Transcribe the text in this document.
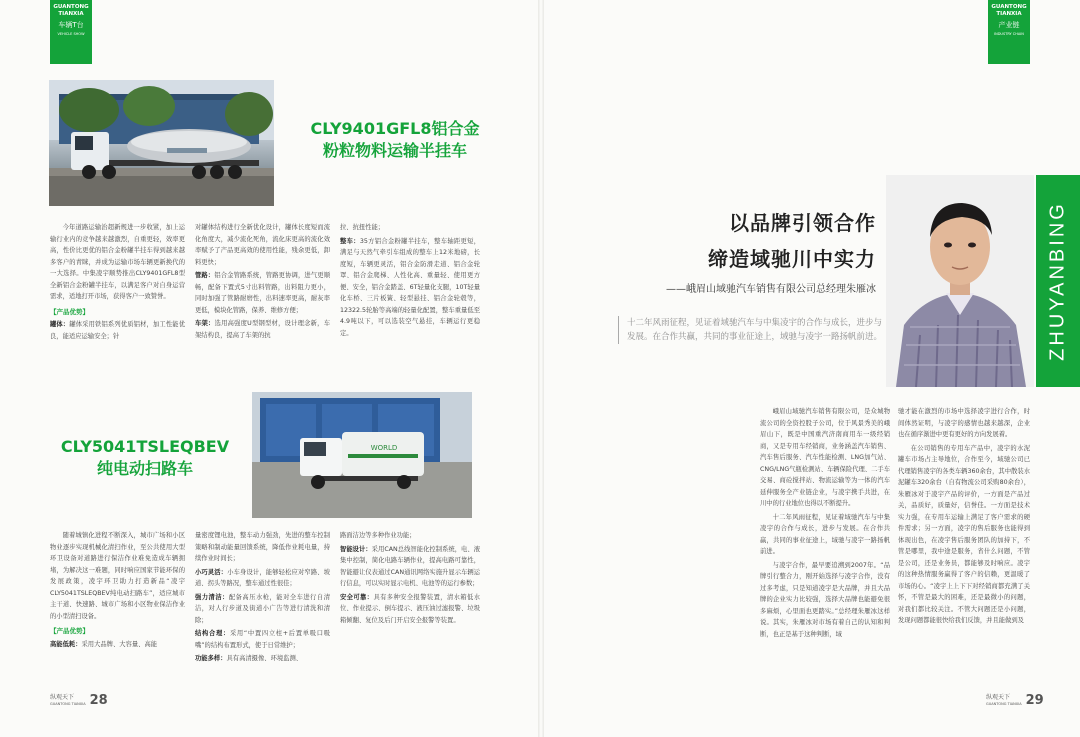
GUANTONG
TIANXIA
车辆T台
VEHICLE SHOW
CLY9401GFL8铝合金
粉粒物料运输半挂车
WORLD
CLY5041TSLEQBEV
纯电动扫路车

今年道路运输治超新规进一步收紧，加上运输行业内的竞争越来越激烈，自重更轻，效率更高，性价比更优的铝合金粉罐半挂车得到越来越多客户的青睐，并成为运输市场车辆更新换代的一大选择。中集凌宇顺势推出CLY9401GFL8型全新铝合金粉罐半挂车，以满足客户对自身运营需求，适地打开市场，获得客户一致赞誉。

【产品优势】

罐体：罐体采用铁铝系列优质铝材，加工性能优良，能适应运输安全；针

对罐体结构进行全新优化设计，罐体长度短而流化角度大，减少流化死角，流化床更高的流化效率赋予了产品更高效的使用性能，残余更低，卸料更快；

管路：铝合金管路系统，管路更协调，进气更顺畅，配备下置式5寸出料管路，出料阻力更小，同时加强了管路耐磨性，出料速率更高，耐灰率更低，模块化管路，保养、维修方便；

车架：选用高强度U型钢型材，设计理念新，车架结构良，提高了车架的抗

拉、抗扭性能；

整车：35方铝合金粉罐半挂车，整车轴距更短，满足与天然气牵引车组成的整车上12米地磅，长度短，车辆更灵活，铝合金防滑走道、铝合金轮罩、铝合金爬梯、人性化高、重量轻、使用更方便、安全，铝合金踏盖、6T轻量化支腿，10T轻量化车桥、三片板簧、轻型悬挂、铝合金轮毂等，12322.5轮胎等高端的轻量化配置，整车重量低至4.9吨以下，可以选装空气悬挂，车辆运行更稳定。

随着城镇化进程不断深入，城市广场和小区物业逐步实现机械化清扫作业，至公共使用大型环卫设备对道路进行保洁作业难免造成车辆拥堵，为解决这一难题，同时响应国家节能环保的发展政策，凌宇环卫助力打造新品“凌宇CLY5041TSLEQBEV纯电动扫路车”，适应城市主干道、快速路、城市广场和小区物业保洁作业的小型清扫设备。

【产品优势】

高能低耗：采用大品牌、大容量、高能

量密度锂电池，整车动力强劲，先进的整车控制策略和制动能量回馈系统，降低作业耗电量，持续作业时间长；

小巧灵活：小车身设计，能够轻松应对窄路、坡道、拐头等路况，整车通过性很佳；

强力清洁：配备高压水枪，能对全车进行自清洁，对人行步道及街道小广告等进行清洗和清除；

结构合理：采用“中置四立柱+后置单吸口吸嘴”的结构布置形式，使于日常维护；

功能多样：具有高清摄像、环境监测、

路面洁边等多种作业功能；

智能设计：采用CAN总线智能化控制系统，电、液集中控制，简化电路车辆作业，提高电路可靠性，智能避让仪表通过CAN通讯网络实施升显示车辆运行信息，可以实时显示电机、电池等的运行参数；

安全可靠：具有多种安全报警装置，清水箱低水位、作业提示、倒车提示、液压油过滤报警、垃圾箱倾翻、复位及后门开启安全报警等装置。

纵观天下
GUANTONG TIANXIA 28
GUANTONG
TIANXIA
产业链
INDUSTRY CHAIN
以品牌引领合作
缔造域驰川中实力
——峨眉山域驰汽车销售有限公司总经理朱雁冰
十二年风雨征程，见证着域驰汽车与中集凌宇的合作与成长，进步与发展。在合作共赢，共同的事业征途上，域驰与凌宇一路扬帆前进。	ZHUYANBING

峨眉山域驰汽车销售有限公司，是众城物流公司的全资控股子公司，位于风景秀美的峨眉山下，既是中国重汽济南商用车一级经销商，又是专用车经销商，业务涵盖汽车销售、汽车售后服务、汽车性能检测、LNG加气站、CNG/LNG气瓶检测站、车辆保险代理、二手车交易、商砼搅拌站、物流运输等为一体的汽车延伸服务全产业链企业，与凌宇携手共进，在川中的行业地位也得以不断提升。

十二年风雨征程，见证着域驰汽车与中集凌宇的合作与成长，进步与发展。在合作共赢，共同的事业征途上，域驰与凌宇一路扬帆前进。

与凌宇合作，最早要追溯到2007年。“品牌引行整合力，刚开始选择与凌宇合作，没有过多考虑，只是知道凌宇是大品牌，并且大品牌的企业实力比较强，选择大品牌也能避免很多麻烦，心里面也更踏实。”总经理朱雁冰这样说。其实，朱雁冰对市场有着自己的认知和判断，也正是基于这种判断，域

驰才能在激烈的市场中选择凌宇进行合作，时间体然证明，与凌宇的感情也越来越深，企业也在循序渐进中更有更好的方向发展着。

在公司销售的专用车产品中，凌宇的水泥罐车市场占主导地位，合作至今，域驰公司已代理销售凌宇的各类车辆360余台，其中散装水泥罐车320余台（自有物流公司采购80余台），朱雁冰对于凌宇产品的评价，一方面是产品过关，品质好，质量好，信誉佳。一方面是技术实力强，在专用车运输上满足了客户需求的硬件需求；另一方面，凌宇的售后服务也能得到体现出色，在凌宇售后服务团队的加持下，不管是哪里，我中途是服务，省什么问题，不管是公司，还是业务员，都能够及时响应。凌宇的这种热情服务赢得了客户的信赖，更温暖了市场的心。“凌宇上上下下对经销商都充满了关怀，不管是最大的困难，还是最微小的问题，对我们都比较关注。不管大问题还是小问题，发现问题都能很快给我们反馈，并且能做到及

纵观天下
GUANTONG TIANXIA 29
